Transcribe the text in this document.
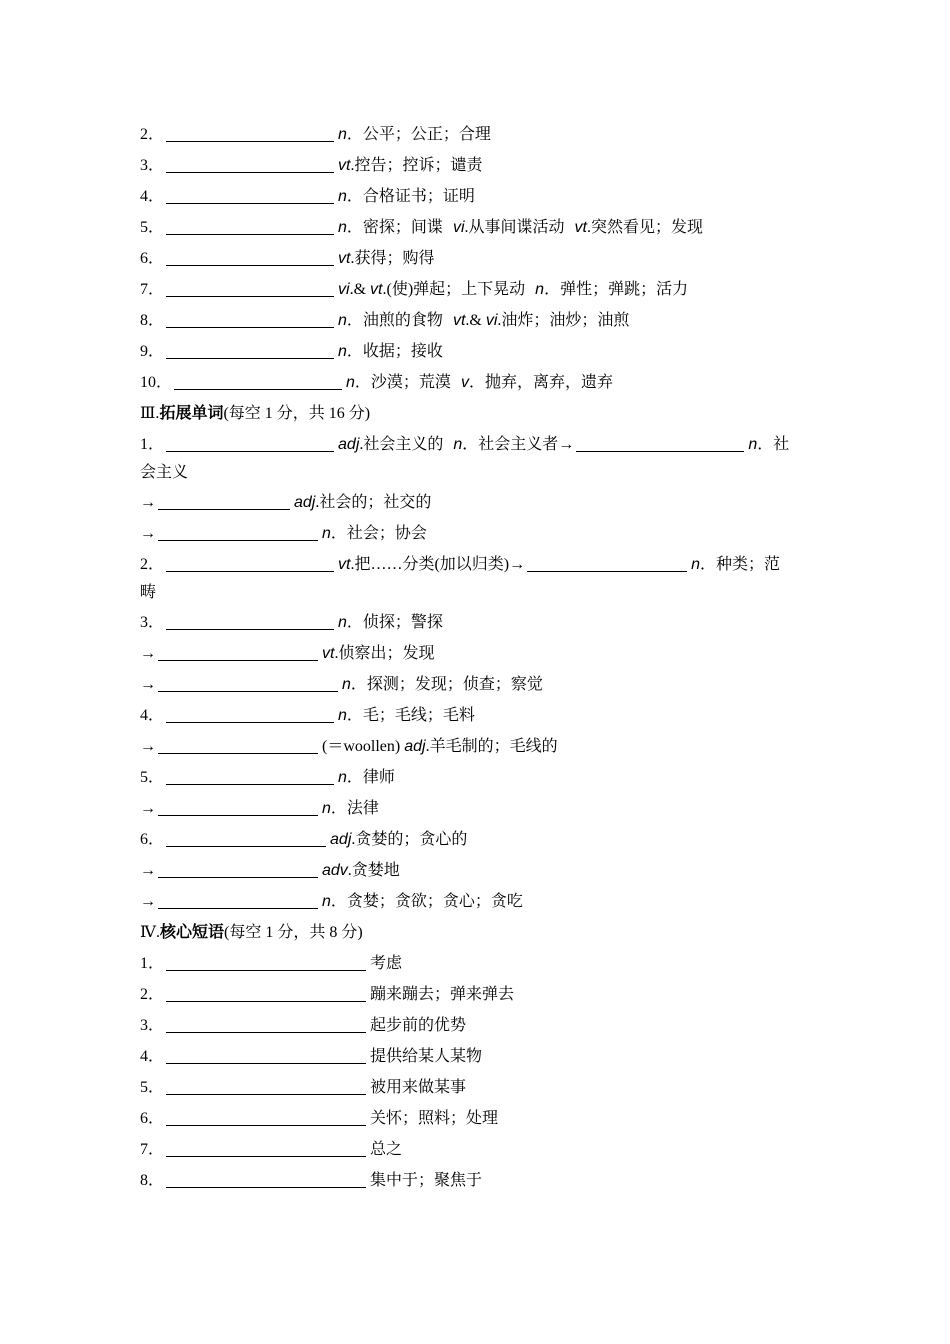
2．	n．公平；公正；合理
3．	vt.控告；控诉；谴责
4．	n．合格证书；证明
5．	n．密探；间谍 vi.从事间谍活动 vt.突然看见；发现
6．	vt.获得；购得
7．	vi.& vt.(使)弹起；上下晃动 n．弹性；弹跳；活力
8．	n．油煎的食物 vt.& vi.油炸；油炒；油煎
9．	n．收据；接收
10．	n．沙漠；荒漠 v．抛弃，离弃，遗弃
Ⅲ.拓展单词(每空 1 分，共 16 分)
1．	adj.社会主义的 n．社会主义者→	n．社
会主义
→	adj.社会的；社交的
→	n．社会；协会
2．	vt.把……分类(加以归类)→	n．种类；范
畴
3．	n．侦探；警探
→	vt.侦察出；发现
→	n．探测；发现；侦查；察觉
4．	n．毛；毛线；毛料
→	(＝woollen) adj.羊毛制的；毛线的
5．	n．律师
→	n．法律
6．	adj.贪婪的；贪心的
→	adv.贪婪地
→	n．贪婪；贪欲；贪心；贪吃
Ⅳ.核心短语(每空 1 分，共 8 分)
1．	考虑
2．	蹦来蹦去；弹来弹去
3．	起步前的优势
4．	提供给某人某物
5．	被用来做某事
6．	关怀；照料；处理
7．	总之
8．	集中于；聚焦于
